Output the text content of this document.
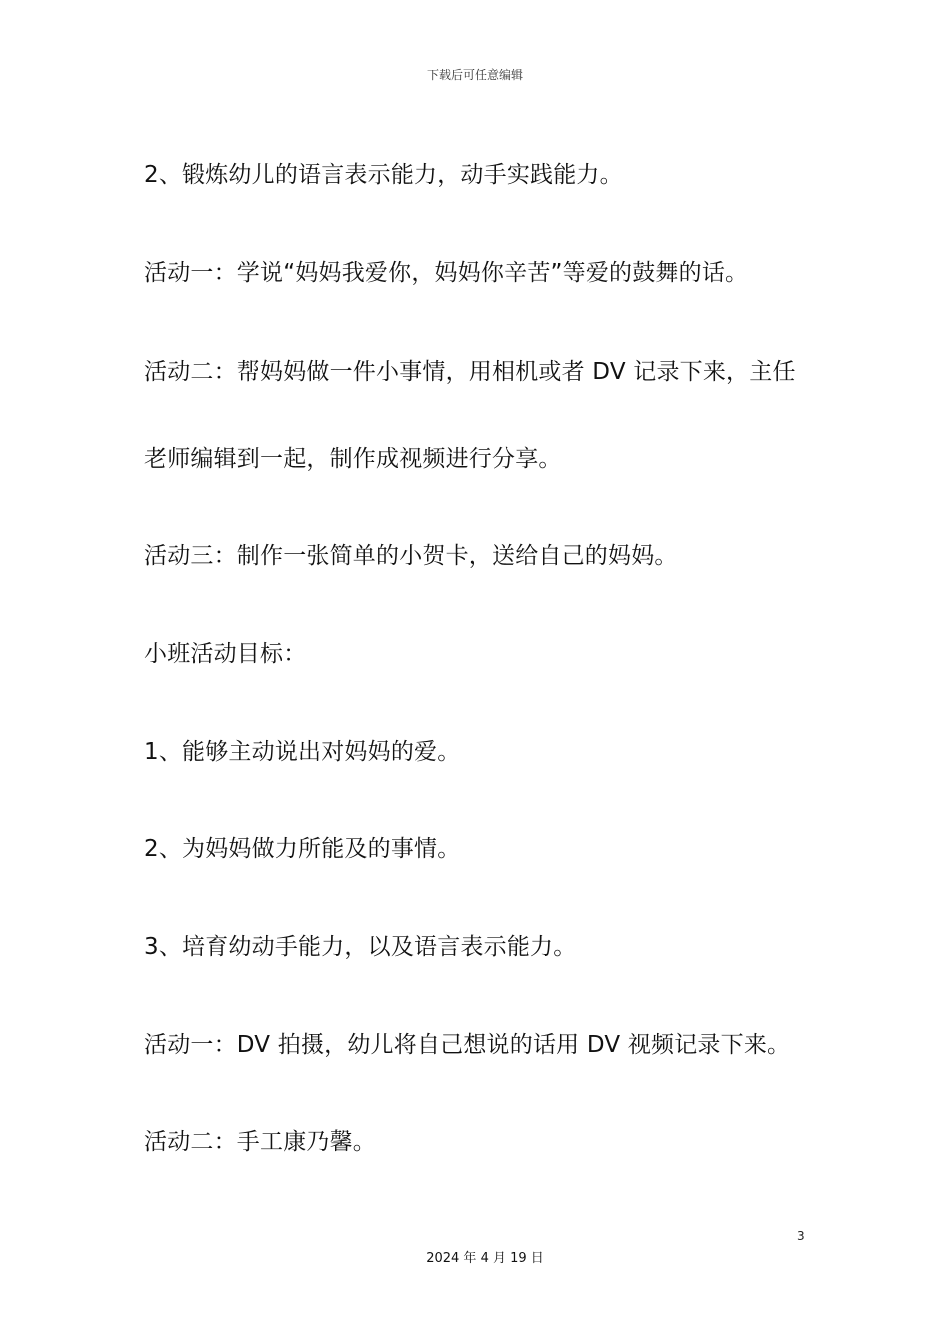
下载后可任意编辑
2、锻炼幼儿的语言表示能力，动手实践能力。
活动一：学说“妈妈我爱你，妈妈你辛苦”等爱的鼓舞的话。
活动二：帮妈妈做一件小事情，用相机或者 DV 记录下来，主任
老师编辑到一起，制作成视频进行分享。
活动三：制作一张简单的小贺卡，送给自己的妈妈。
小班活动目标：
1、能够主动说出对妈妈的爱。
2、为妈妈做力所能及的事情。
3、培育幼动手能力，以及语言表示能力。
活动一：DV 拍摄，幼儿将自己想说的话用 DV 视频记录下来。
活动二：手工康乃馨。
3
2024 年 4 月 19 日
